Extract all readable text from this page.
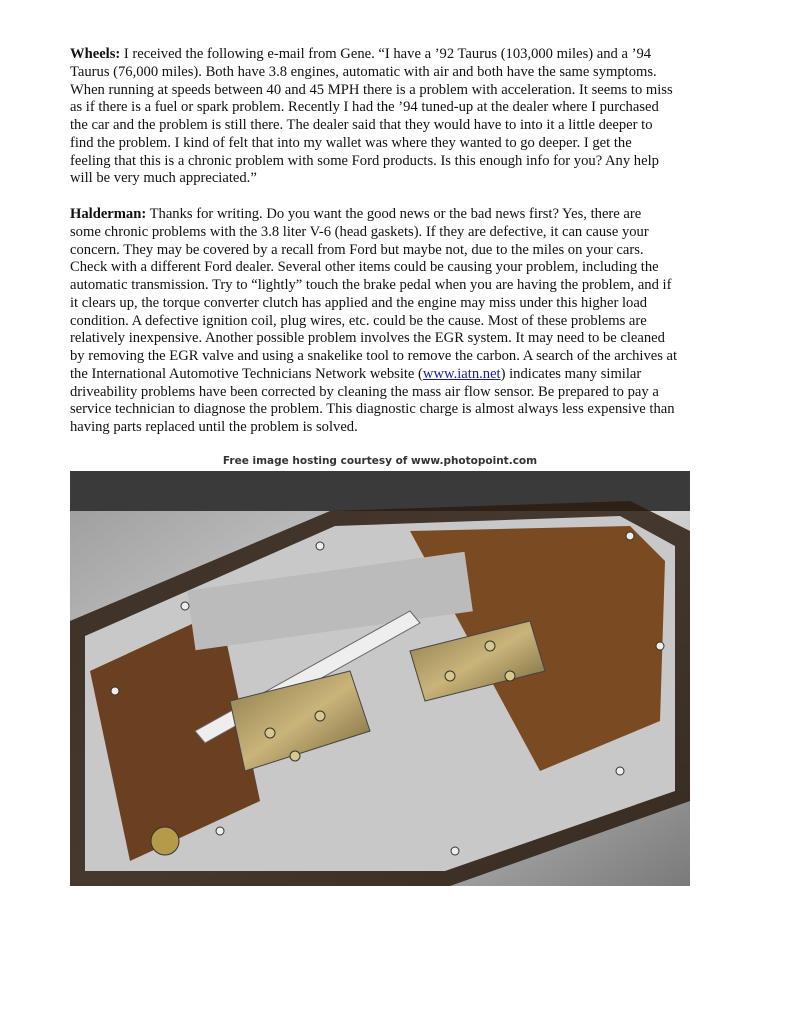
Wheels: I received the following e-mail from Gene. “I have a ’92 Taurus (103,000 miles) and a ’94
Taurus (76,000 miles). Both have 3.8 engines, automatic with air and both have the same symptoms.
When running at speeds between 40 and 45 MPH there is a problem with acceleration. It seems to miss
as if there is a fuel or spark problem. Recently I had the ’94 tuned-up at the dealer where I purchased
the car and the problem is still there. The dealer said that they would have to into it a little deeper to
find the problem. I kind of felt that into my wallet was where they wanted to go deeper. I get the
feeling that this is a chronic problem with some Ford products. Is this enough info for you? Any help
will be very much appreciated.”
Halderman: Thanks for writing. Do you want the good news or the bad news first? Yes, there are
some chronic problems with the 3.8 liter V-6 (head gaskets). If they are defective, it can cause your
concern. They may be covered by a recall from Ford but maybe not, due to the miles on your cars.
Check with a different Ford dealer. Several other items could be causing your problem, including the
automatic transmission. Try to “lightly” touch the brake pedal when you are having the problem, and if
it clears up, the torque converter clutch has applied and the engine may miss under this higher load
condition. A defective ignition coil, plug wires, etc. could be the cause. Most of these problems are
relatively inexpensive. Another possible problem involves the EGR system. It may need to be cleaned
by removing the EGR valve and using a snakelike tool to remove the carbon. A search of the archives at
the International Automotive Technicians Network website (www.iatn.net) indicates many similar
driveability problems have been corrected by cleaning the mass air flow sensor. Be prepared to pay a
service technician to diagnose the problem. This diagnostic charge is almost always less expensive than
having parts replaced until the problem is solved.
Free image hosting courtesy of www.photopoint.com
